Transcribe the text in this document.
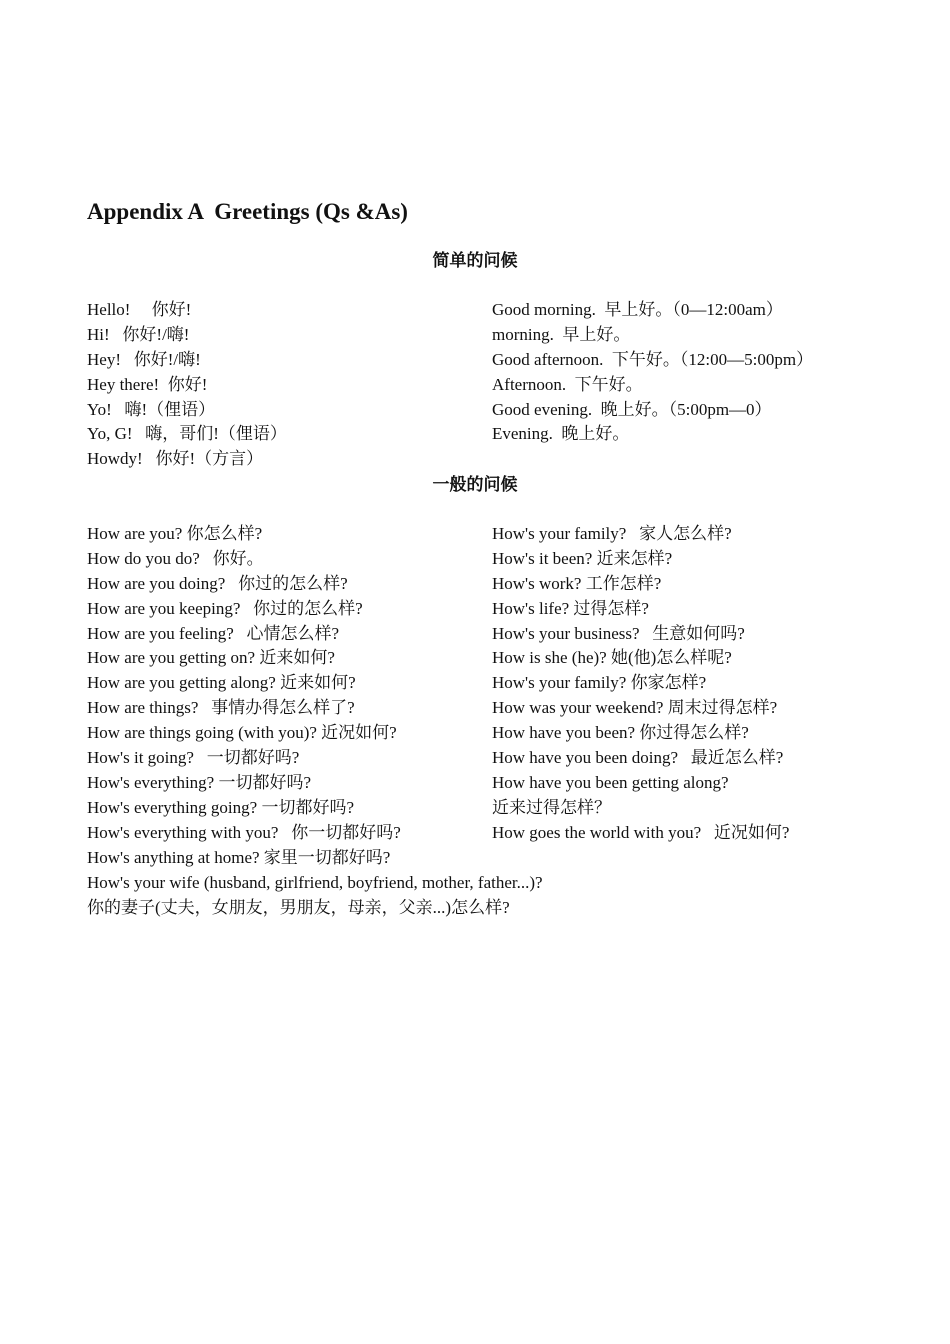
Appendix A  Greetings (Qs &As)
简单的问候
Hello!     你好!
Hi!   你好!/嗨!
Hey!   你好!/嗨!
Hey there!  你好!
Yo!   嗨!（俚语）
Yo, G!   嗨，哥们!（俚语）
Howdy!   你好!（方言）
Good morning.  早上好。（0—12:00am）
morning.  早上好。
Good afternoon.  下午好。（12:00—5:00pm）
Afternoon.  下午好。
Good evening.  晚上好。（5:00pm—0）
Evening.  晚上好。
一般的问候
How are you? 你怎么样?
How do you do?   你好。
How are you doing?   你过的怎么样?
How are you keeping?   你过的怎么样?
How are you feeling?   心情怎么样?
How are you getting on? 近来如何?
How are you getting along? 近来如何?
How are things?   事情办得怎么样了?
How are things going (with you)? 近况如何?
How's it going?   一切都好吗?
How's everything? 一切都好吗?
How's everything going? 一切都好吗?
How's everything with you?   你一切都好吗?
How's anything at home? 家里一切都好吗?
How's your family?   家人怎么样?
How's it been? 近来怎样?
How's work? 工作怎样?
How's life? 过得怎样?
How's your business?   生意如何吗?
How is she (he)? 她(他)怎么样呢?
How's your family? 你家怎样?
How was your weekend? 周末过得怎样?
How have you been? 你过得怎么样?
How have you been doing?   最近怎么样?
How have you been getting along?
近来过得怎样？
How goes the world with you?   近况如何?
How's your wife (husband, girlfriend, boyfriend, mother, father...)?
你的妻子(丈夫，女朋友，男朋友，母亲，父亲...)怎么样?
